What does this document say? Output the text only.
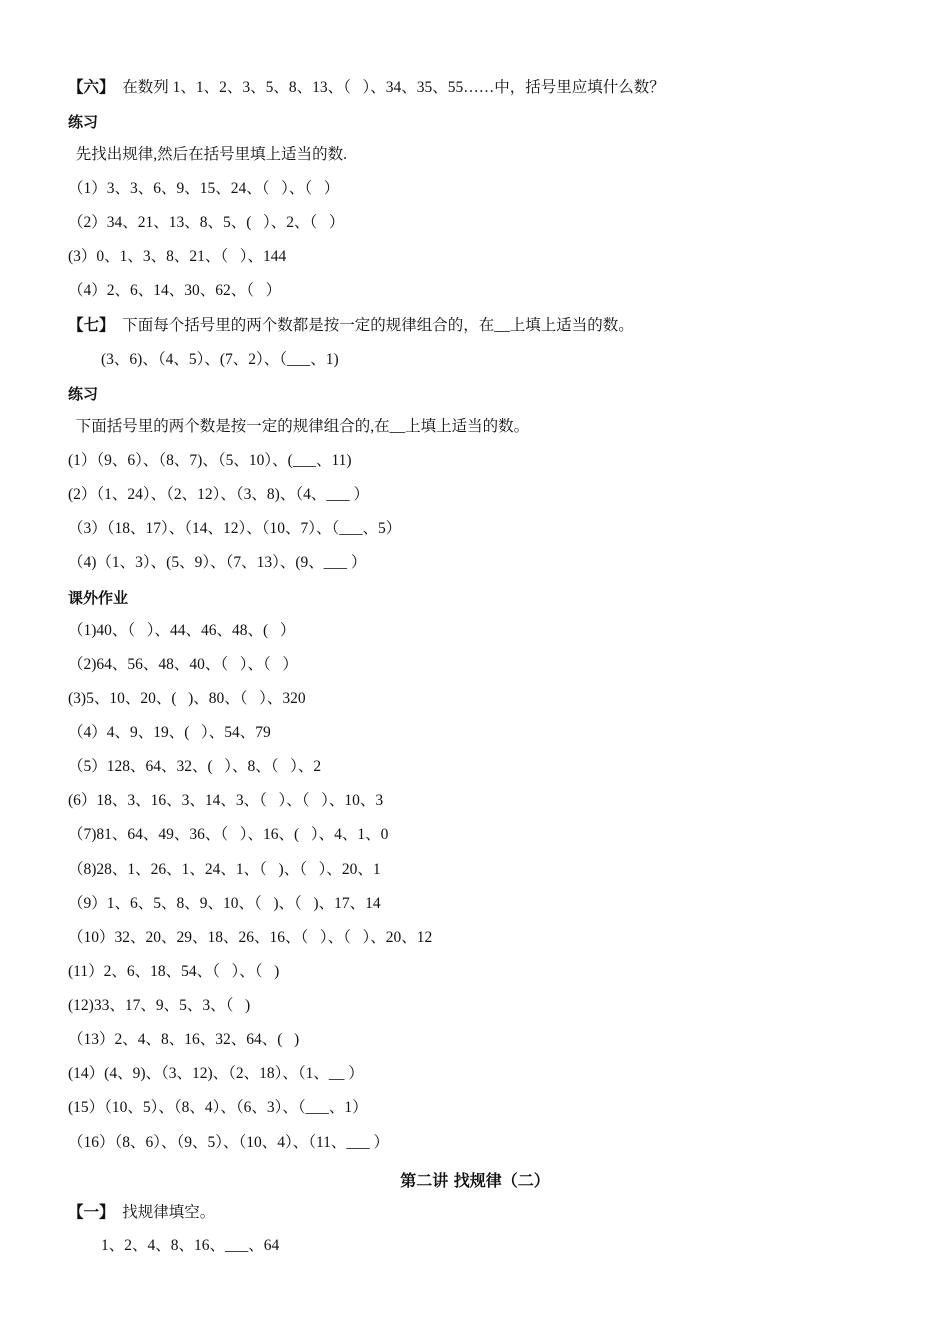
【六】  在数列 1、1、2、3、5、8、13、（   ）、34、35、55……中，括号里应填什么数？
练习
先找出规律,然后在括号里填上适当的数.
（1）3、3、6、9、15、24、（   ）、（   ）
（2）34、21、13、8、5、(   ）、2、（   ）
(3）0、1、3、8、21、（   ）、144
（4）2、6、14、30、62、（   ）
【七】  下面每个括号里的两个数都是按一定的规律组合的，在__上填上适当的数。
(3、6)、（4、5）、(7、2）、（___、1)
练习
下面括号里的两个数是按一定的规律组合的,在__上填上适当的数。
(1）（9、6）、（8、7)、（5、10）、(___、11)
(2）（1、24）、（2、12）、（3、8)、（4、___ ）
（3）（18、17）、（14、12）、（10、7）、（___、5）
（4)（1、3）、(5、9）、（7、13）、(9、___ ）
课外作业
（1)40、（   ）、44、46、48、(   ）
（2)64、56、48、40、（   ）、（   ）
(3)5、10、20、(   )、80、（   ）、320
（4）4、9、19、(   ）、54、79
（5）128、64、32、(   ）、8、（   ）、2
(6）18、3、16、3、14、3、（   ）、（   ）、10、3
（7)81、64、49、36、（   ）、16、(   ）、4、1、0
（8)28、1、26、1、24、1、（   )、（   ）、20、1
（9）1、6、5、8、9、10、（   )、（   )、17、14
（10）32、20、29、18、26、16、（   ）、（   ）、20、12
(11）2、6、18、54、（   ）、（   )
(12)33、17、9、5、3、（   )
（13）2、4、8、16、32、64、(   )
(14）(4、9)、（3、12)、（2、18）、（1、__ ）
(15）（10、5）、（8、4）、（6、3）、（___、1）
（16）（8、6）、（9、5）、（10、4）、（11、___ ）
第二讲 找规律（二）
【一】  找规律填空。
1、2、4、8、16、___、64
